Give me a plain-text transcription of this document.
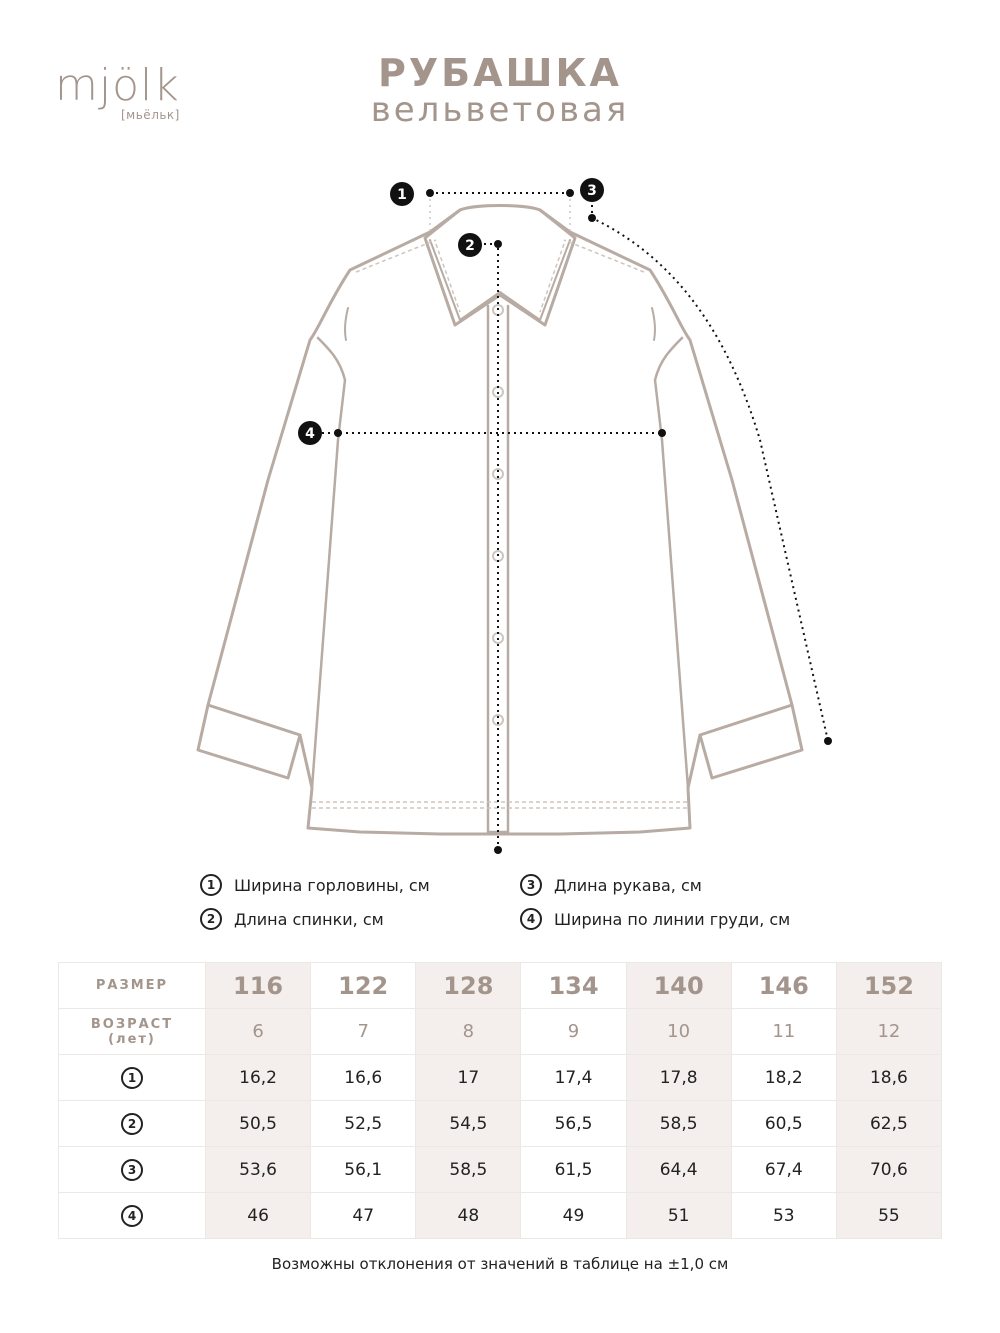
mjölk
[мьёльк]
РУБАШКА
вельветовая
1
2
3
4
1	Ширина горловины, см	3	Длина рукава, см
2	Длина спинки, см	4	Ширина по линии груди, см
РАЗМЕР	116	122	128	134	140	146	152

ВОЗРАСТ
(лет)	6	7	8	9	10	11	12
1	16,2	16,6	17	17,4	17,8	18,2	18,6
2	50,5	52,5	54,5	56,5	58,5	60,5	62,5
3	53,6	56,1	58,5	61,5	64,4	67,4	70,6
4	46	47	48	49	51	53	55
Возможны отклонения от значений в таблице на ±1,0 см
